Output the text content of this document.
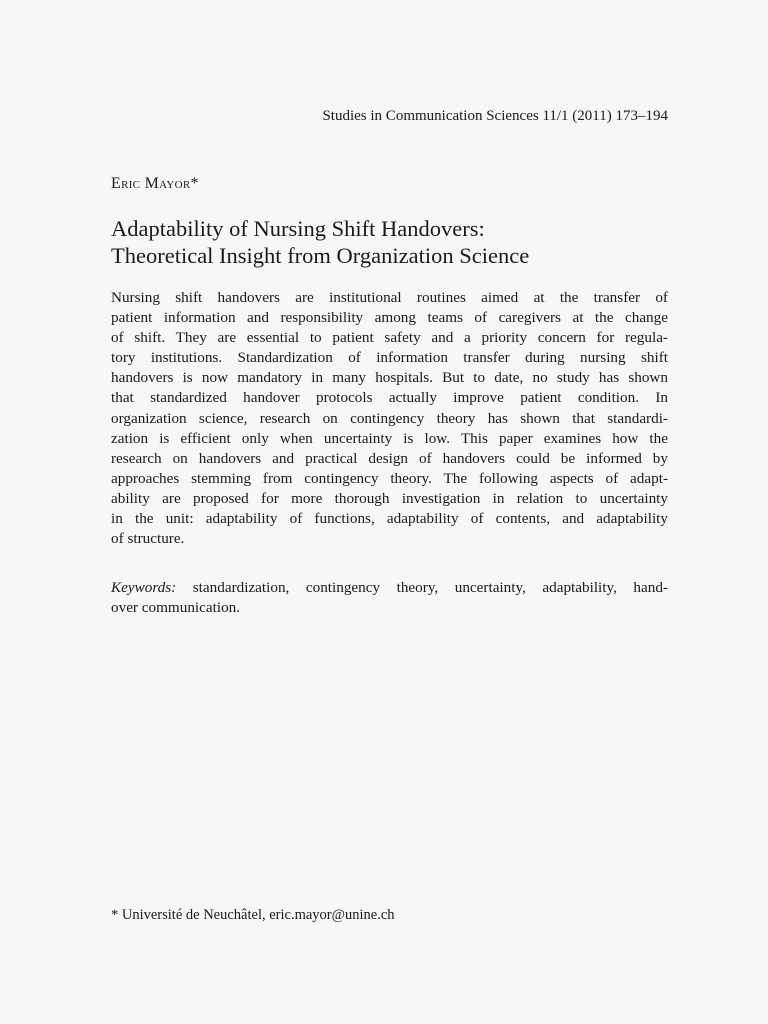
Studies in Communication Sciences 11/1 (2011) 173–194
Eric Mayor*
Adaptability of Nursing Shift Handovers:
Theoretical Insight from Organization Science
Nursing shift handovers are institutional routines aimed at the transfer of
patient information and responsibility among teams of caregivers at the change
of shift. They are essential to patient safety and a priority concern for regula-
tory institutions. Standardization of information transfer during nursing shift
handovers is now mandatory in many hospitals. But to date, no study has shown
that standardized handover protocols actually improve patient condition. In
organization science, research on contingency theory has shown that standardi-
zation is efficient only when uncertainty is low. This paper examines how the
research on handovers and practical design of handovers could be informed by
approaches stemming from contingency theory. The following aspects of adapt-
ability are proposed for more thorough investigation in relation to uncertainty
in the unit: adaptability of functions, adaptability of contents, and adaptability
of structure.
Keywords: standardization, contingency theory, uncertainty, adaptability, hand-
over communication.
* Université de Neuchâtel, eric.mayor@unine.ch
